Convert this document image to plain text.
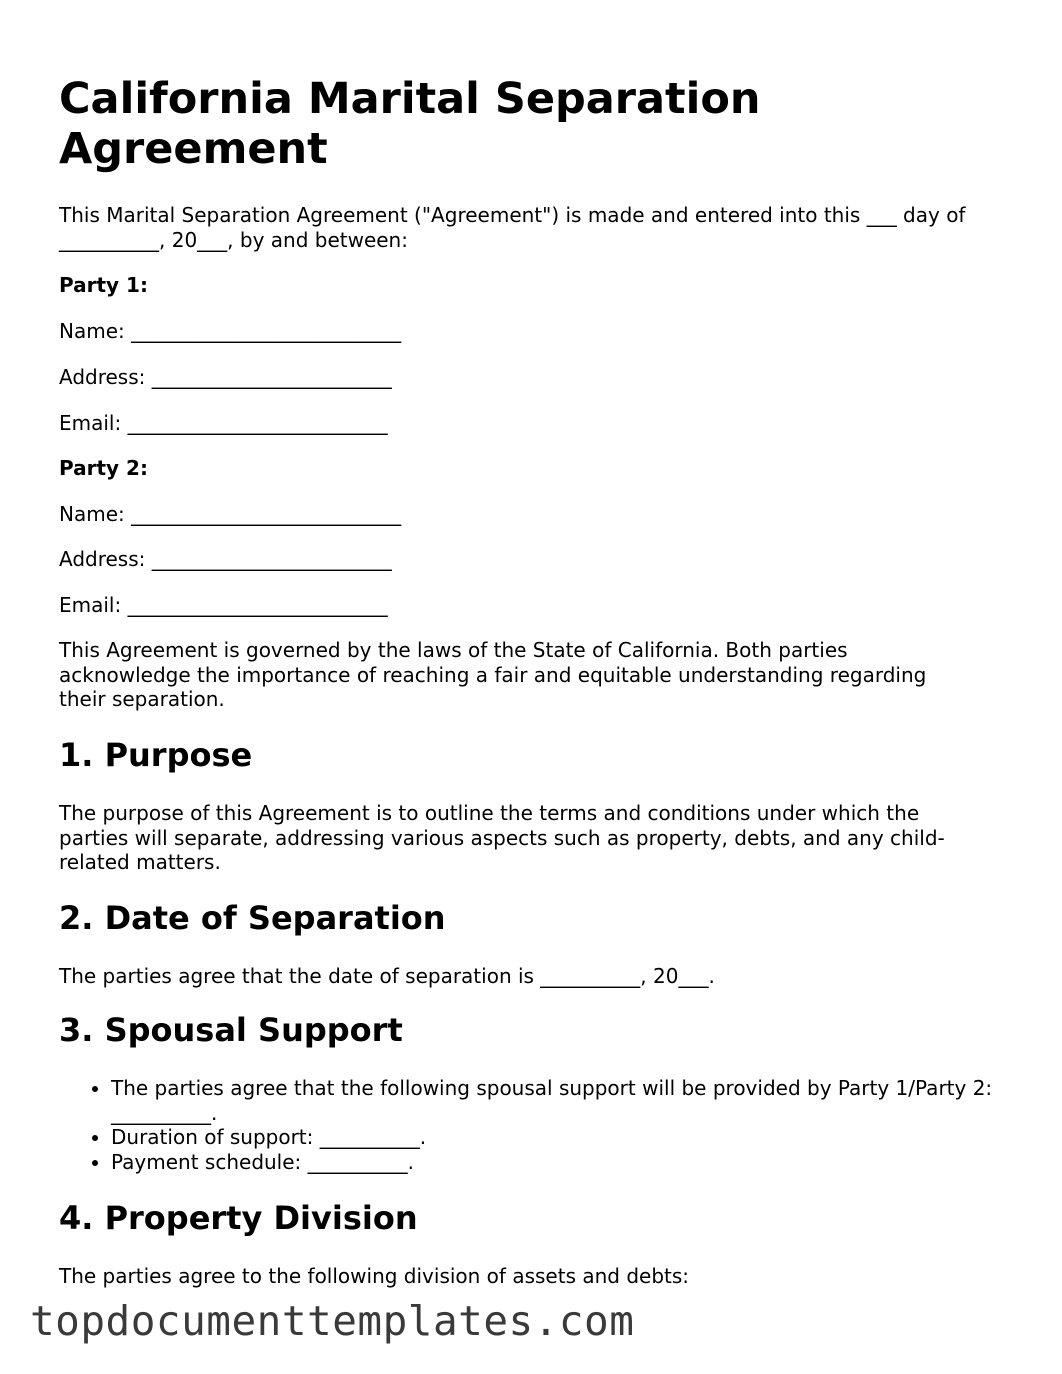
California Marital Separation Agreement

This Marital Separation Agreement ("Agreement") is made and entered into this ___ day of __________, 20___, by and between:

Party 1:

Name: ___________________________

Address: ________________________

Email: __________________________

Party 2:

Name: ___________________________

Address: ________________________

Email: __________________________

This Agreement is governed by the laws of the State of California. Both parties acknowledge the importance of reaching a fair and equitable understanding regarding their separation.

1. Purpose

The purpose of this Agreement is to outline the terms and conditions under which the parties will separate, addressing various aspects such as property, debts, and any child-related matters.

2. Date of Separation

The parties agree that the date of separation is __________, 20___.

3. Spousal Support
• The parties agree that the following spousal support will be provided by Party 1/Party 2: __________.
• Duration of support: __________.
• Payment schedule: __________.
4. Property Division

The parties agree to the following division of assets and debts:

topdocumenttemplates.com
